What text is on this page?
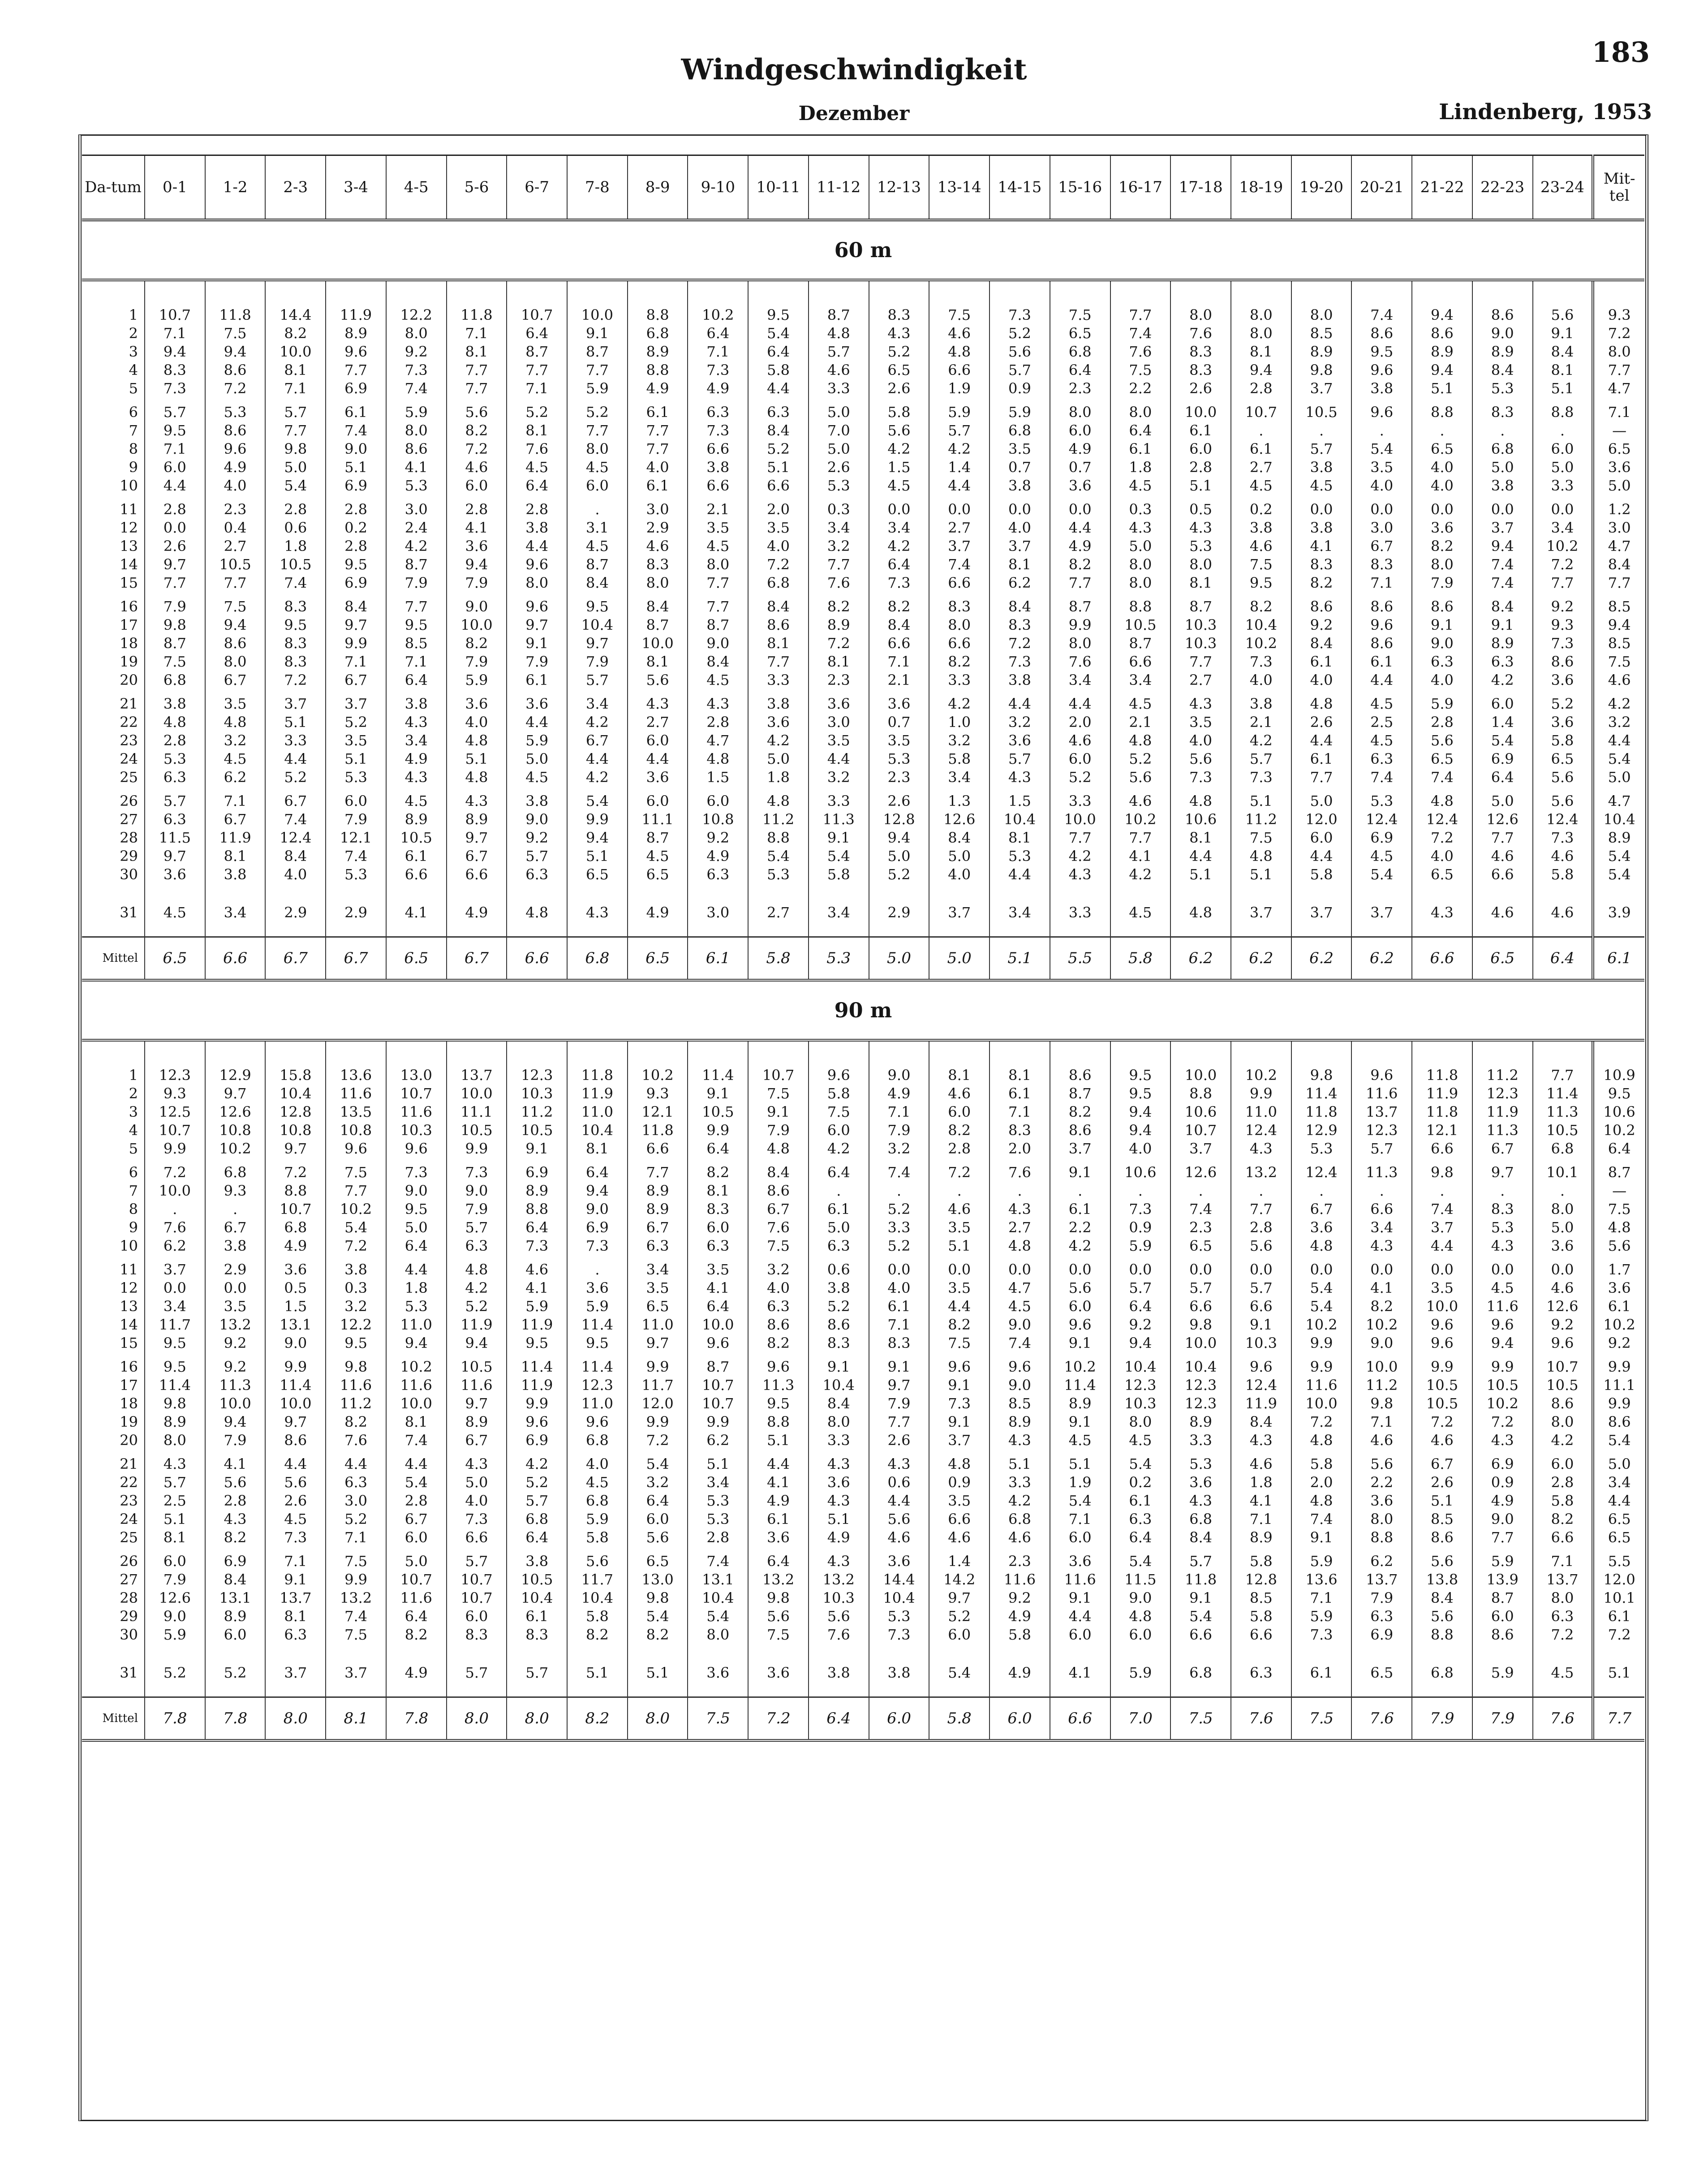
183
Windgeschwindigkeit
Dezember	Lindenberg, 1953
Da-tum	0-1	1-2	2-3	3-4	4-5	5-6	6-7	7-8	8-9	9-10	10-11	11-12	12-13	13-14	14-15	15-16	16-17	17-18	18-19	19-20	20-21	21-22	22-23	23-24	Mit-tel
60 m																									

1	10.7	11.8	14.4	11.9	12.2	11.8	10.7	10.0	8.8	10.2	9.5	8.7	8.3	7.5	7.3	7.5	7.7	8.0	8.0	8.0	7.4	9.4	8.6	5.6	9.3
2	7.1	7.5	8.2	8.9	8.0	7.1	6.4	9.1	6.8	6.4	5.4	4.8	4.3	4.6	5.2	6.5	7.4	7.6	8.0	8.5	8.6	8.6	9.0	9.1	7.2
3	9.4	9.4	10.0	9.6	9.2	8.1	8.7	8.7	8.9	7.1	6.4	5.7	5.2	4.8	5.6	6.8	7.6	8.3	8.1	8.9	9.5	8.9	8.9	8.4	8.0
4	8.3	8.6	8.1	7.7	7.3	7.7	7.7	7.7	8.8	7.3	5.8	4.6	6.5	6.6	5.7	6.4	7.5	8.3	9.4	9.8	9.6	9.4	8.4	8.1	7.7
5	7.3	7.2	7.1	6.9	7.4	7.7	7.1	5.9	4.9	4.9	4.4	3.3	2.6	1.9	0.9	2.3	2.2	2.6	2.8	3.7	3.8	5.1	5.3	5.1	4.7
6	5.7	5.3	5.7	6.1	5.9	5.6	5.2	5.2	6.1	6.3	6.3	5.0	5.8	5.9	5.9	8.0	8.0	10.0	10.7	10.5	9.6	8.8	8.3	8.8	7.1
7	9.5	8.6	7.7	7.4	8.0	8.2	8.1	7.7	7.7	7.3	8.4	7.0	5.6	5.7	6.8	6.0	6.4	6.1	.	.	.	.	.	.	—
8	7.1	9.6	9.8	9.0	8.6	7.2	7.6	8.0	7.7	6.6	5.2	5.0	4.2	4.2	3.5	4.9	6.1	6.0	6.1	5.7	5.4	6.5	6.8	6.0	6.5
9	6.0	4.9	5.0	5.1	4.1	4.6	4.5	4.5	4.0	3.8	5.1	2.6	1.5	1.4	0.7	0.7	1.8	2.8	2.7	3.8	3.5	4.0	5.0	5.0	3.6
10	4.4	4.0	5.4	6.9	5.3	6.0	6.4	6.0	6.1	6.6	6.6	5.3	4.5	4.4	3.8	3.6	4.5	5.1	4.5	4.5	4.0	4.0	3.8	3.3	5.0
11	2.8	2.3	2.8	2.8	3.0	2.8	2.8	.	3.0	2.1	2.0	0.3	0.0	0.0	0.0	0.0	0.3	0.5	0.2	0.0	0.0	0.0	0.0	0.0	1.2
12	0.0	0.4	0.6	0.2	2.4	4.1	3.8	3.1	2.9	3.5	3.5	3.4	3.4	2.7	4.0	4.4	4.3	4.3	3.8	3.8	3.0	3.6	3.7	3.4	3.0
13	2.6	2.7	1.8	2.8	4.2	3.6	4.4	4.5	4.6	4.5	4.0	3.2	4.2	3.7	3.7	4.9	5.0	5.3	4.6	4.1	6.7	8.2	9.4	10.2	4.7
14	9.7	10.5	10.5	9.5	8.7	9.4	9.6	8.7	8.3	8.0	7.2	7.7	6.4	7.4	8.1	8.2	8.0	8.0	7.5	8.3	8.3	8.0	7.4	7.2	8.4
15	7.7	7.7	7.4	6.9	7.9	7.9	8.0	8.4	8.0	7.7	6.8	7.6	7.3	6.6	6.2	7.7	8.0	8.1	9.5	8.2	7.1	7.9	7.4	7.7	7.7
16	7.9	7.5	8.3	8.4	7.7	9.0	9.6	9.5	8.4	7.7	8.4	8.2	8.2	8.3	8.4	8.7	8.8	8.7	8.2	8.6	8.6	8.6	8.4	9.2	8.5
17	9.8	9.4	9.5	9.7	9.5	10.0	9.7	10.4	8.7	8.7	8.6	8.9	8.4	8.0	8.3	9.9	10.5	10.3	10.4	9.2	9.6	9.1	9.1	9.3	9.4
18	8.7	8.6	8.3	9.9	8.5	8.2	9.1	9.7	10.0	9.0	8.1	7.2	6.6	6.6	7.2	8.0	8.7	10.3	10.2	8.4	8.6	9.0	8.9	7.3	8.5
19	7.5	8.0	8.3	7.1	7.1	7.9	7.9	7.9	8.1	8.4	7.7	8.1	7.1	8.2	7.3	7.6	6.6	7.7	7.3	6.1	6.1	6.3	6.3	8.6	7.5
20	6.8	6.7	7.2	6.7	6.4	5.9	6.1	5.7	5.6	4.5	3.3	2.3	2.1	3.3	3.8	3.4	3.4	2.7	4.0	4.0	4.4	4.0	4.2	3.6	4.6
21	3.8	3.5	3.7	3.7	3.8	3.6	3.6	3.4	4.3	4.3	3.8	3.6	3.6	4.2	4.4	4.4	4.5	4.3	3.8	4.8	4.5	5.9	6.0	5.2	4.2
22	4.8	4.8	5.1	5.2	4.3	4.0	4.4	4.2	2.7	2.8	3.6	3.0	0.7	1.0	3.2	2.0	2.1	3.5	2.1	2.6	2.5	2.8	1.4	3.6	3.2
23	2.8	3.2	3.3	3.5	3.4	4.8	5.9	6.7	6.0	4.7	4.2	3.5	3.5	3.2	3.6	4.6	4.8	4.0	4.2	4.4	4.5	5.6	5.4	5.8	4.4
24	5.3	4.5	4.4	5.1	4.9	5.1	5.0	4.4	4.4	4.8	5.0	4.4	5.3	5.8	5.7	6.0	5.2	5.6	5.7	6.1	6.3	6.5	6.9	6.5	5.4
25	6.3	6.2	5.2	5.3	4.3	4.8	4.5	4.2	3.6	1.5	1.8	3.2	2.3	3.4	4.3	5.2	5.6	7.3	7.3	7.7	7.4	7.4	6.4	5.6	5.0
26	5.7	7.1	6.7	6.0	4.5	4.3	3.8	5.4	6.0	6.0	4.8	3.3	2.6	1.3	1.5	3.3	4.6	4.8	5.1	5.0	5.3	4.8	5.0	5.6	4.7
27	6.3	6.7	7.4	7.9	8.9	8.9	9.0	9.9	11.1	10.8	11.2	11.3	12.8	12.6	10.4	10.0	10.2	10.6	11.2	12.0	12.4	12.4	12.6	12.4	10.4
28	11.5	11.9	12.4	12.1	10.5	9.7	9.2	9.4	8.7	9.2	8.8	9.1	9.4	8.4	8.1	7.7	7.7	8.1	7.5	6.0	6.9	7.2	7.7	7.3	8.9
29	9.7	8.1	8.4	7.4	6.1	6.7	5.7	5.1	4.5	4.9	5.4	5.4	5.0	5.0	5.3	4.2	4.1	4.4	4.8	4.4	4.5	4.0	4.6	4.6	5.4
30	3.6	3.8	4.0	5.3	6.6	6.6	6.3	6.5	6.5	6.3	5.3	5.8	5.2	4.0	4.4	4.3	4.2	5.1	5.1	5.8	5.4	6.5	6.6	5.8	5.4
31	4.5	3.4	2.9	2.9	4.1	4.9	4.8	4.3	4.9	3.0	2.7	3.4	2.9	3.7	3.4	3.3	4.5	4.8	3.7	3.7	3.7	4.3	4.6	4.6	3.9
Mittel	6.5	6.6	6.7	6.7	6.5	6.7	6.6	6.8	6.5	6.1	5.8	5.3	5.0	5.0	5.1	5.5	5.8	6.2	6.2	6.2	6.2	6.6	6.5	6.4	6.1
90 m																									

1	12.3	12.9	15.8	13.6	13.0	13.7	12.3	11.8	10.2	11.4	10.7	9.6	9.0	8.1	8.1	8.6	9.5	10.0	10.2	9.8	9.6	11.8	11.2	7.7	10.9
2	9.3	9.7	10.4	11.6	10.7	10.0	10.3	11.9	9.3	9.1	7.5	5.8	4.9	4.6	6.1	8.7	9.5	8.8	9.9	11.4	11.6	11.9	12.3	11.4	9.5
3	12.5	12.6	12.8	13.5	11.6	11.1	11.2	11.0	12.1	10.5	9.1	7.5	7.1	6.0	7.1	8.2	9.4	10.6	11.0	11.8	13.7	11.8	11.9	11.3	10.6
4	10.7	10.8	10.8	10.8	10.3	10.5	10.5	10.4	11.8	9.9	7.9	6.0	7.9	8.2	8.3	8.6	9.4	10.7	12.4	12.9	12.3	12.1	11.3	10.5	10.2
5	9.9	10.2	9.7	9.6	9.6	9.9	9.1	8.1	6.6	6.4	4.8	4.2	3.2	2.8	2.0	3.7	4.0	3.7	4.3	5.3	5.7	6.6	6.7	6.8	6.4
6	7.2	6.8	7.2	7.5	7.3	7.3	6.9	6.4	7.7	8.2	8.4	6.4	7.4	7.2	7.6	9.1	10.6	12.6	13.2	12.4	11.3	9.8	9.7	10.1	8.7
7	10.0	9.3	8.8	7.7	9.0	9.0	8.9	9.4	8.9	8.1	8.6	.	.	.	.	.	.	.	.	.	.	.	.	.	—
8	.	.	10.7	10.2	9.5	7.9	8.8	9.0	8.9	8.3	6.7	6.1	5.2	4.6	4.3	6.1	7.3	7.4	7.7	6.7	6.6	7.4	8.3	8.0	7.5
9	7.6	6.7	6.8	5.4	5.0	5.7	6.4	6.9	6.7	6.0	7.6	5.0	3.3	3.5	2.7	2.2	0.9	2.3	2.8	3.6	3.4	3.7	5.3	5.0	4.8
10	6.2	3.8	4.9	7.2	6.4	6.3	7.3	7.3	6.3	6.3	7.5	6.3	5.2	5.1	4.8	4.2	5.9	6.5	5.6	4.8	4.3	4.4	4.3	3.6	5.6
11	3.7	2.9	3.6	3.8	4.4	4.8	4.6	.	3.4	3.5	3.2	0.6	0.0	0.0	0.0	0.0	0.0	0.0	0.0	0.0	0.0	0.0	0.0	0.0	1.7
12	0.0	0.0	0.5	0.3	1.8	4.2	4.1	3.6	3.5	4.1	4.0	3.8	4.0	3.5	4.7	5.6	5.7	5.7	5.7	5.4	4.1	3.5	4.5	4.6	3.6
13	3.4	3.5	1.5	3.2	5.3	5.2	5.9	5.9	6.5	6.4	6.3	5.2	6.1	4.4	4.5	6.0	6.4	6.6	6.6	5.4	8.2	10.0	11.6	12.6	6.1
14	11.7	13.2	13.1	12.2	11.0	11.9	11.9	11.4	11.0	10.0	8.6	8.6	7.1	8.2	9.0	9.6	9.2	9.8	9.1	10.2	10.2	9.6	9.6	9.2	10.2
15	9.5	9.2	9.0	9.5	9.4	9.4	9.5	9.5	9.7	9.6	8.2	8.3	8.3	7.5	7.4	9.1	9.4	10.0	10.3	9.9	9.0	9.6	9.4	9.6	9.2
16	9.5	9.2	9.9	9.8	10.2	10.5	11.4	11.4	9.9	8.7	9.6	9.1	9.1	9.6	9.6	10.2	10.4	10.4	9.6	9.9	10.0	9.9	9.9	10.7	9.9
17	11.4	11.3	11.4	11.6	11.6	11.6	11.9	12.3	11.7	10.7	11.3	10.4	9.7	9.1	9.0	11.4	12.3	12.3	12.4	11.6	11.2	10.5	10.5	10.5	11.1
18	9.8	10.0	10.0	11.2	10.0	9.7	9.9	11.0	12.0	10.7	9.5	8.4	7.9	7.3	8.5	8.9	10.3	12.3	11.9	10.0	9.8	10.5	10.2	8.6	9.9
19	8.9	9.4	9.7	8.2	8.1	8.9	9.6	9.6	9.9	9.9	8.8	8.0	7.7	9.1	8.9	9.1	8.0	8.9	8.4	7.2	7.1	7.2	7.2	8.0	8.6
20	8.0	7.9	8.6	7.6	7.4	6.7	6.9	6.8	7.2	6.2	5.1	3.3	2.6	3.7	4.3	4.5	4.5	3.3	4.3	4.8	4.6	4.6	4.3	4.2	5.4
21	4.3	4.1	4.4	4.4	4.4	4.3	4.2	4.0	5.4	5.1	4.4	4.3	4.3	4.8	5.1	5.1	5.4	5.3	4.6	5.8	5.6	6.7	6.9	6.0	5.0
22	5.7	5.6	5.6	6.3	5.4	5.0	5.2	4.5	3.2	3.4	4.1	3.6	0.6	0.9	3.3	1.9	0.2	3.6	1.8	2.0	2.2	2.6	0.9	2.8	3.4
23	2.5	2.8	2.6	3.0	2.8	4.0	5.7	6.8	6.4	5.3	4.9	4.3	4.4	3.5	4.2	5.4	6.1	4.3	4.1	4.8	3.6	5.1	4.9	5.8	4.4
24	5.1	4.3	4.5	5.2	6.7	7.3	6.8	5.9	6.0	5.3	6.1	5.1	5.6	6.6	6.8	7.1	6.3	6.8	7.1	7.4	8.0	8.5	9.0	8.2	6.5
25	8.1	8.2	7.3	7.1	6.0	6.6	6.4	5.8	5.6	2.8	3.6	4.9	4.6	4.6	4.6	6.0	6.4	8.4	8.9	9.1	8.8	8.6	7.7	6.6	6.5
26	6.0	6.9	7.1	7.5	5.0	5.7	3.8	5.6	6.5	7.4	6.4	4.3	3.6	1.4	2.3	3.6	5.4	5.7	5.8	5.9	6.2	5.6	5.9	7.1	5.5
27	7.9	8.4	9.1	9.9	10.7	10.7	10.5	11.7	13.0	13.1	13.2	13.2	14.4	14.2	11.6	11.6	11.5	11.8	12.8	13.6	13.7	13.8	13.9	13.7	12.0
28	12.6	13.1	13.7	13.2	11.6	10.7	10.4	10.4	9.8	10.4	9.8	10.3	10.4	9.7	9.2	9.1	9.0	9.1	8.5	7.1	7.9	8.4	8.7	8.0	10.1
29	9.0	8.9	8.1	7.4	6.4	6.0	6.1	5.8	5.4	5.4	5.6	5.6	5.3	5.2	4.9	4.4	4.8	5.4	5.8	5.9	6.3	5.6	6.0	6.3	6.1
30	5.9	6.0	6.3	7.5	8.2	8.3	8.3	8.2	8.2	8.0	7.5	7.6	7.3	6.0	5.8	6.0	6.0	6.6	6.6	7.3	6.9	8.8	8.6	7.2	7.2
31	5.2	5.2	3.7	3.7	4.9	5.7	5.7	5.1	5.1	3.6	3.6	3.8	3.8	5.4	4.9	4.1	5.9	6.8	6.3	6.1	6.5	6.8	5.9	4.5	5.1
Mittel	7.8	7.8	8.0	8.1	7.8	8.0	8.0	8.2	8.0	7.5	7.2	6.4	6.0	5.8	6.0	6.6	7.0	7.5	7.6	7.5	7.6	7.9	7.9	7.6	7.7
